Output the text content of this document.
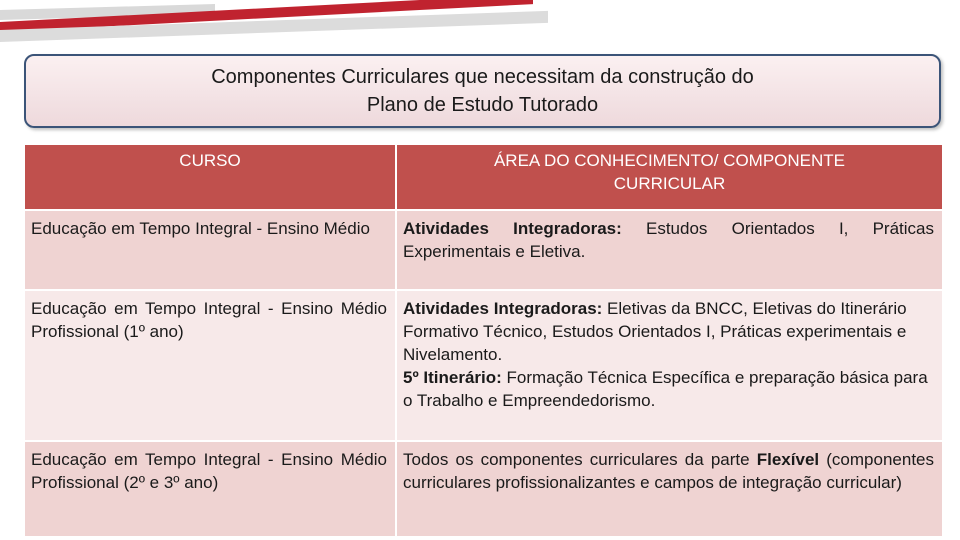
Componentes Curriculares que necessitam da construção do
Plano de Estudo Tutorado
CURSO	ÁREA DO CONHECIMENTO/ COMPONENTE
CURRICULAR

Educação em Tempo Integral - Ensino Médio	Atividades Integradoras: Estudos Orientados I, Práticas Experimentais e Eletiva.
Educação em Tempo Integral - Ensino Médio Profissional (1º ano)	Atividades Integradoras: Eletivas da BNCC, Eletivas do Itinerário Formativo Técnico, Estudos Orientados I, Práticas experimentais e Nivelamento.
5º Itinerário: Formação Técnica Específica e preparação básica para o Trabalho e Empreendedorismo.

Educação em Tempo Integral - Ensino Médio Profissional (2º e 3º ano)	Todos os componentes curriculares da parte Flexível (componentes curriculares profissionalizantes e campos de integração curricular)
